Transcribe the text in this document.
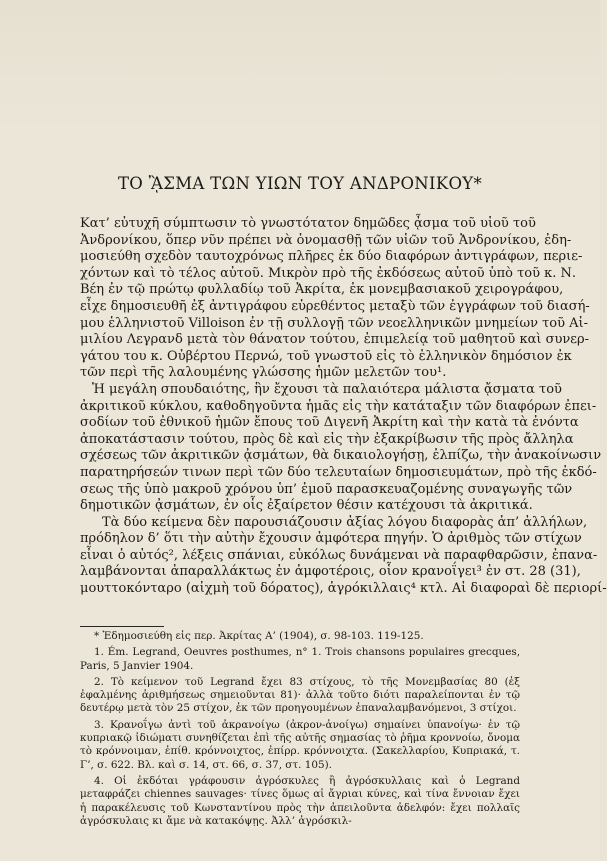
ΤΟ ᾊΣΜΑ ΤΩΝ ΥΙΩΝ ΤΟΥ ΑΝΔΡΟΝΙΚΟΥ*
Κατ’ εὐτυχῆ σύμπτωσιν τὸ γνωστότατον δημῶδες ᾆσμα τοῦ υἱοῦ τοῦ
Ἀνδρονίκου, ὅπερ νῦν πρέπει νὰ ὀνομασθῇ τῶν υἱῶν τοῦ Ἀνδρονίκου, ἐδη-
μοσιεύθη σχεδὸν ταυτοχρόνως πλῆρες ἐκ δύο διαφόρων ἀντιγράφων, περιε-
χόντων καὶ τὸ τέλος αὐτοῦ. Μικρὸν πρὸ τῆς ἐκδόσεως αὐτοῦ ὑπὸ τοῦ κ. Ν.
Βέη ἐν τῷ πρώτῳ φυλλαδίῳ τοῦ Ἀκρίτα, ἐκ μονεμβασιακοῦ χειρογράφου,
εἶχε δημοσιευθῆ ἐξ ἀντιγράφου εὑρεθέντος μεταξὺ τῶν ἐγγράφων τοῦ διασή-
μου ἑλληνιστοῦ Villoison ἐν τῇ συλλογῇ τῶν νεοελληνικῶν μνημείων τοῦ Αἰ-
μιλίου Λεγρανδ μετὰ τὸν θάνατον τούτου, ἐπιμελείᾳ τοῦ μαθητοῦ καὶ συνερ-
γάτου του κ. Οὐβέρτου Περνώ, τοῦ γνωστοῦ εἰς τὸ ἑλληνικὸν δημόσιον ἐκ
τῶν περὶ τῆς λαλουμένης γλώσσης ἡμῶν μελετῶν του¹.
Ἡ μεγάλη σπουδαιότης, ἣν ἔχουσι τὰ παλαιότερα μάλιστα ᾄσματα τοῦ
ἀκριτικοῦ κύκλου, καθοδηγοῦντα ἡμᾶς εἰς τὴν κατάταξιν τῶν διαφόρων ἐπει-
σοδίων τοῦ ἐθνικοῦ ἡμῶν ἔπους τοῦ Διγενῆ Ἀκρίτη καὶ τὴν κατὰ τὰ ἐνόντα
ἀποκατάστασιν τούτου, πρὸς δὲ καὶ εἰς τὴν ἐξακρίβωσιν τῆς πρὸς ἄλληλα
σχέσεως τῶν ἀκριτικῶν ᾀσμάτων, θὰ δικαιολογήσῃ, ἐλπίζω, τὴν ἀνακοίνωσιν
παρατηρήσεών τινων περὶ τῶν δύο τελευταίων δημοσιευμάτων, πρὸ τῆς ἐκδό-
σεως τῆς ὑπὸ μακροῦ χρόνου ὑπ’ ἐμοῦ παρασκευαζομένης συναγωγῆς τῶν
δημοτικῶν ᾀσμάτων, ἐν οἷς ἐξαίρετον θέσιν κατέχουσι τὰ ἀκριτικά.
Τὰ δύο κείμενα δὲν παρουσιάζουσιν ἀξίας λόγου διαφορὰς ἀπ’ ἀλλήλων,
πρόδηλον δ’ ὅτι τὴν αὐτὴν ἔχουσιν ἀμφότερα πηγήν. Ὁ ἀριθμὸς τῶν στίχων
εἶναι ὁ αὐτός², λέξεις σπάνιαι, εὐκόλως δυνάμεναι νὰ παραφθαρῶσιν, ἐπανα-
λαμβάνονται ἀπαραλλάκτως ἐν ἀμφοτέροις, οἷον κρανοΐγει³ ἐν στ. 28 (31),
μουττοκόνταρο (αἰχμὴ τοῦ δόρατος), ἀγρόκιλλαις⁴ κτλ. Αἱ διαφοραὶ δὲ περιορί-
* Ἐδημοσιεύθη εἰς περ. Ἀκρίτας Α’ (1904), σ. 98-103. 119-125.
1. Ém. Legrand, Oeuvres posthumes, n° 1. Trois chansons populaires grecques, Paris, 5 Janvier 1904.
2. Τὸ κείμενον τοῦ Legrand ἔχει 83 στίχους, τὸ τῆς Μονεμβασίας 80 (ἐξ ἐφαλμένης ἀριθμήσεως σημειοῦνται 81)· ἀλλὰ τοῦτο διότι παραλείπονται ἐν τῷ δευτέρῳ μετὰ τὸν 25 στίχον, ἐκ τῶν προηγουμένων ἐπαναλαμβανόμενοι, 3 στίχοι.
3. Κρανοΐγω ἀντὶ τοῦ ἀκρανοίγω (ἀκρον-ἀνοίγω) σημαίνει ὑπανοίγω· ἐν τῷ κυπριακῷ ἰδιώματι συνηθίζεται ἐπὶ τῆς αὐτῆς σημασίας τὸ ῥῆμα κροννοίω, ὄνομα τὸ κρόννοιμαν, ἐπίθ. κρόννοιχτος, ἐπίρρ. κρόννοιχτα. (Σακελλαρίου, Κυπριακά, τ. Γ’, σ. 622. Βλ. καὶ σ. 14, στ. 66, σ. 37, στ. 105).
4. Οἱ ἐκδόται γράφουσιν ἀγρόσκυλες ἢ ἀγρόσκυλλαις καὶ ὁ Legrand μεταφράζει chiennes sauvages· τίνες ὅμως αἱ ἄγριαι κύνες, καὶ τίνα ἔννοιαν ἔχει ἡ παρακέλευσις τοῦ Κωνσταντίνου πρὸς τὴν ἀπειλοῦντα ἀδελφόν: ἔχει πολλαῖς ἀγρόσκυλαις κι ἄμε νὰ κατακόψῃς. Ἀλλ’ ἀγρόσκιλ-
